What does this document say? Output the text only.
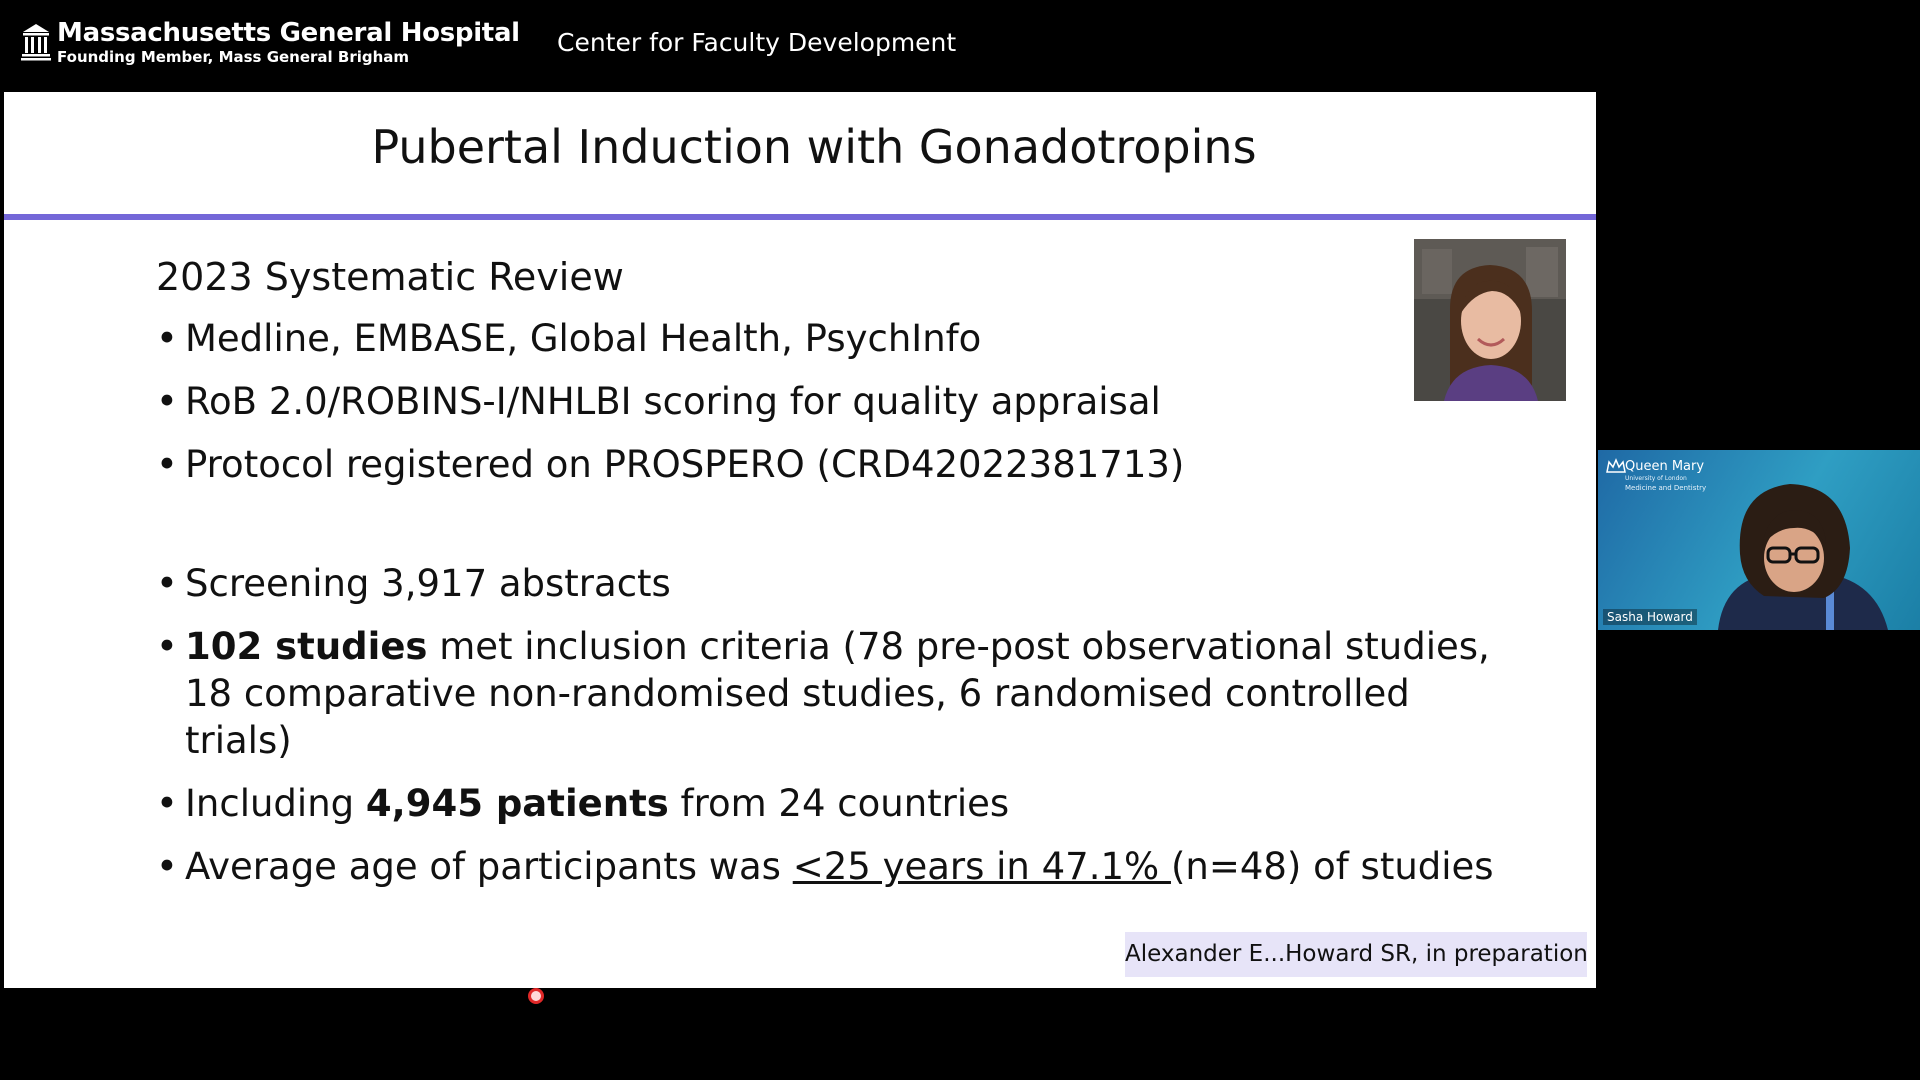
Massachusetts General Hospital
Founding Member, Mass General Brigham	Center for Faculty Development
Pubertal Induction with Gonadotropins
2023 Systematic Review
• Medline, EMBASE, Global Health, PsychInfo
• RoB 2.0/ROBINS-I/NHLBI scoring for quality appraisal
• Protocol registered on PROSPERO (CRD42022381713)
• Screening 3,917 abstracts
• 102 studies met inclusion criteria (78 pre-post observational studies, 18 comparative non-randomised studies, 6 randomised controlled trials)
• Including 4,945 patients from 24 countries
• Average age of participants was <25 years in 47.1% (n=48) of studies
Alexander E...Howard SR, in preparation
Queen Mary
University of London
Medicine and Dentistry
Sasha Howard
